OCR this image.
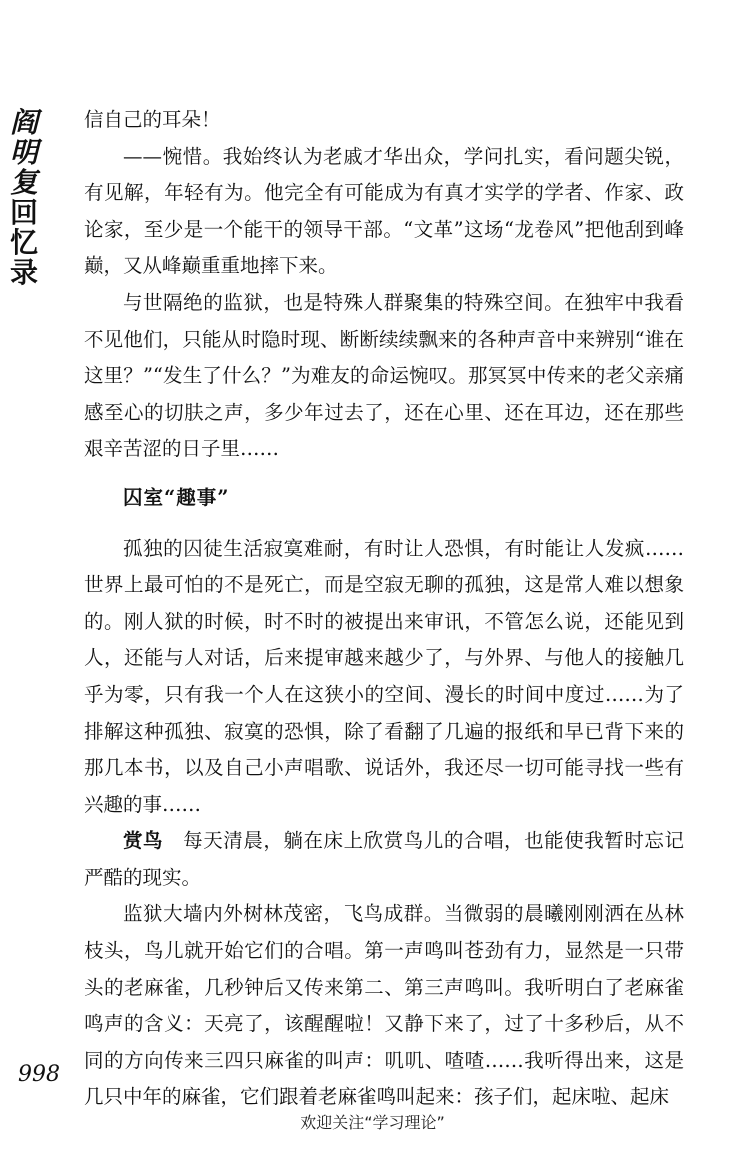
阎
明
复
回
忆
录

信自己的耳朵！

——惋惜。我始终认为老戚才华出众，学问扎实，看问题尖锐，有见解，年轻有为。他完全有可能成为有真才实学的学者、作家、政论家，至少是一个能干的领导干部。“文革”这场“龙卷风”把他刮到峰巅，又从峰巅重重地摔下来。

与世隔绝的监狱，也是特殊人群聚集的特殊空间。在独牢中我看不见他们，只能从时隐时现、断断续续飘来的各种声音中来辨别“谁在这里？”“发生了什么？”为难友的命运惋叹。那冥冥中传来的老父亲痛感至心的切肤之声，多少年过去了，还在心里、还在耳边，还在那些艰辛苦涩的日子里……

囚室“趣事”

孤独的囚徒生活寂寞难耐，有时让人恐惧，有时能让人发疯……世界上最可怕的不是死亡，而是空寂无聊的孤独，这是常人难以想象的。刚人狱的时候，时不时的被提出来审讯，不管怎么说，还能见到人，还能与人对话，后来提审越来越少了，与外界、与他人的接触几乎为零，只有我一个人在这狭小的空间、漫长的时间中度过……为了排解这种孤独、寂寞的恐惧，除了看翻了几遍的报纸和早已背下来的那几本书，以及自己小声唱歌、说话外，我还尽一切可能寻找一些有兴趣的事……

赏鸟  每天清晨，躺在床上欣赏鸟儿的合唱，也能使我暂时忘记严酷的现实。

监狱大墙内外树林茂密，飞鸟成群。当微弱的晨曦刚刚洒在丛林枝头，鸟儿就开始它们的合唱。第一声鸣叫苍劲有力，显然是一只带头的老麻雀，几秒钟后又传来第二、第三声鸣叫。我听明白了老麻雀鸣声的含义：天亮了，该醒醒啦！又静下来了，过了十多秒后，从不同的方向传来三四只麻雀的叫声：叽叽、喳喳……我听得出来，这是几只中年的麻雀，它们跟着老麻雀鸣叫起来：孩子们，起床啦、起床

998
欢迎关注“学习理论”
